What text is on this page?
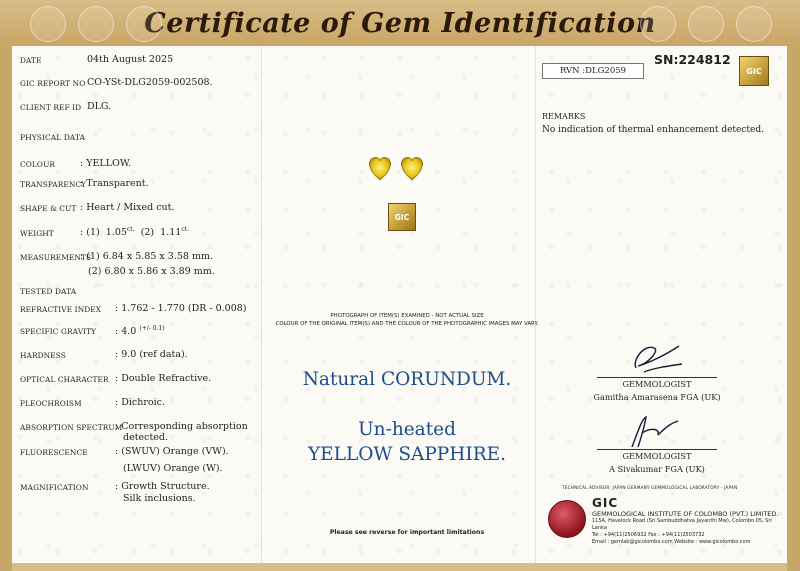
Certificate of Gem Identification
DATE	04th August 2025
GIC REPORT NO CO-YSt-DLG2059-002508.
CLIENT REF ID DLG.
PHYSICAL DATA
COLOUR	: YELLOW.
TRANSPARENCY
: Transparent.
SHAPE & CUT : Heart / Mixed cut.
WEIGHT	: (1) $1.05^{ct.}$ (2) $1.11^{ct.}$
MEASUREMENTS
: (1) 6.84 x 5.85 x 3.58 mm.
(2) 6.80 x 5.86 x 3.89 mm.
TESTED DATA
REFRACTIVE INDEX : 1.762 - 1.770 (DR - 0.008)
SPECIFIC GRAVITY : 4.0 $^{(+/- 0.1)}$
HARDNESS	: 9.0 (ref data).
OPTICAL CHARACTER : Double Refractive.
PLEOCHROISM	: Dichroic.
ABSORPTION SPECTRUM
: Corresponding absorption
detected.
FLUORESCENCE	: (SWUV) Orange (VW).
(LWUV) Orange (W).
MAGNIFICATION	: Growth Structure.
Silk inclusions.
GIC
PHOTOGRAPH OF ITEM(S) EXAMINED - NOT ACTUAL SIZE
COLOUR OF THE ORIGINAL ITEM(S) AND THE COLOUR OF THE PHOTOGRAPHIC IMAGES MAY VARY.
Natural CORUNDUM.
Un-heated
YELLOW SAPPHIRE.
Please see reverse for important limitations
RVN :DLG2059
SN:224812
GIC
REMARKS
No indication of thermal enhancement detected.
GEMMOLOGIST
Gamitha Amarasena FGA (UK)
GEMMOLOGIST
A Sivakumar FGA (UK)
TECHNICAL ADVISOR: JAPAN GERMANY GEMMOLOGICAL LABORATORY - JAPAN
GIC
GEMMOLOGICAL INSTITUTE OF COLOMBO (PVT.) LIMITED.
115A, Havelock Road (Sri Sambuddhatva Jayanthi Mw), Colombo 05, Sri Lanka
Tel : +94(11)2506932 Fax : +94(11)2503732
Email : gemlab@gicolombo.com Website : www.gicolombo.com
